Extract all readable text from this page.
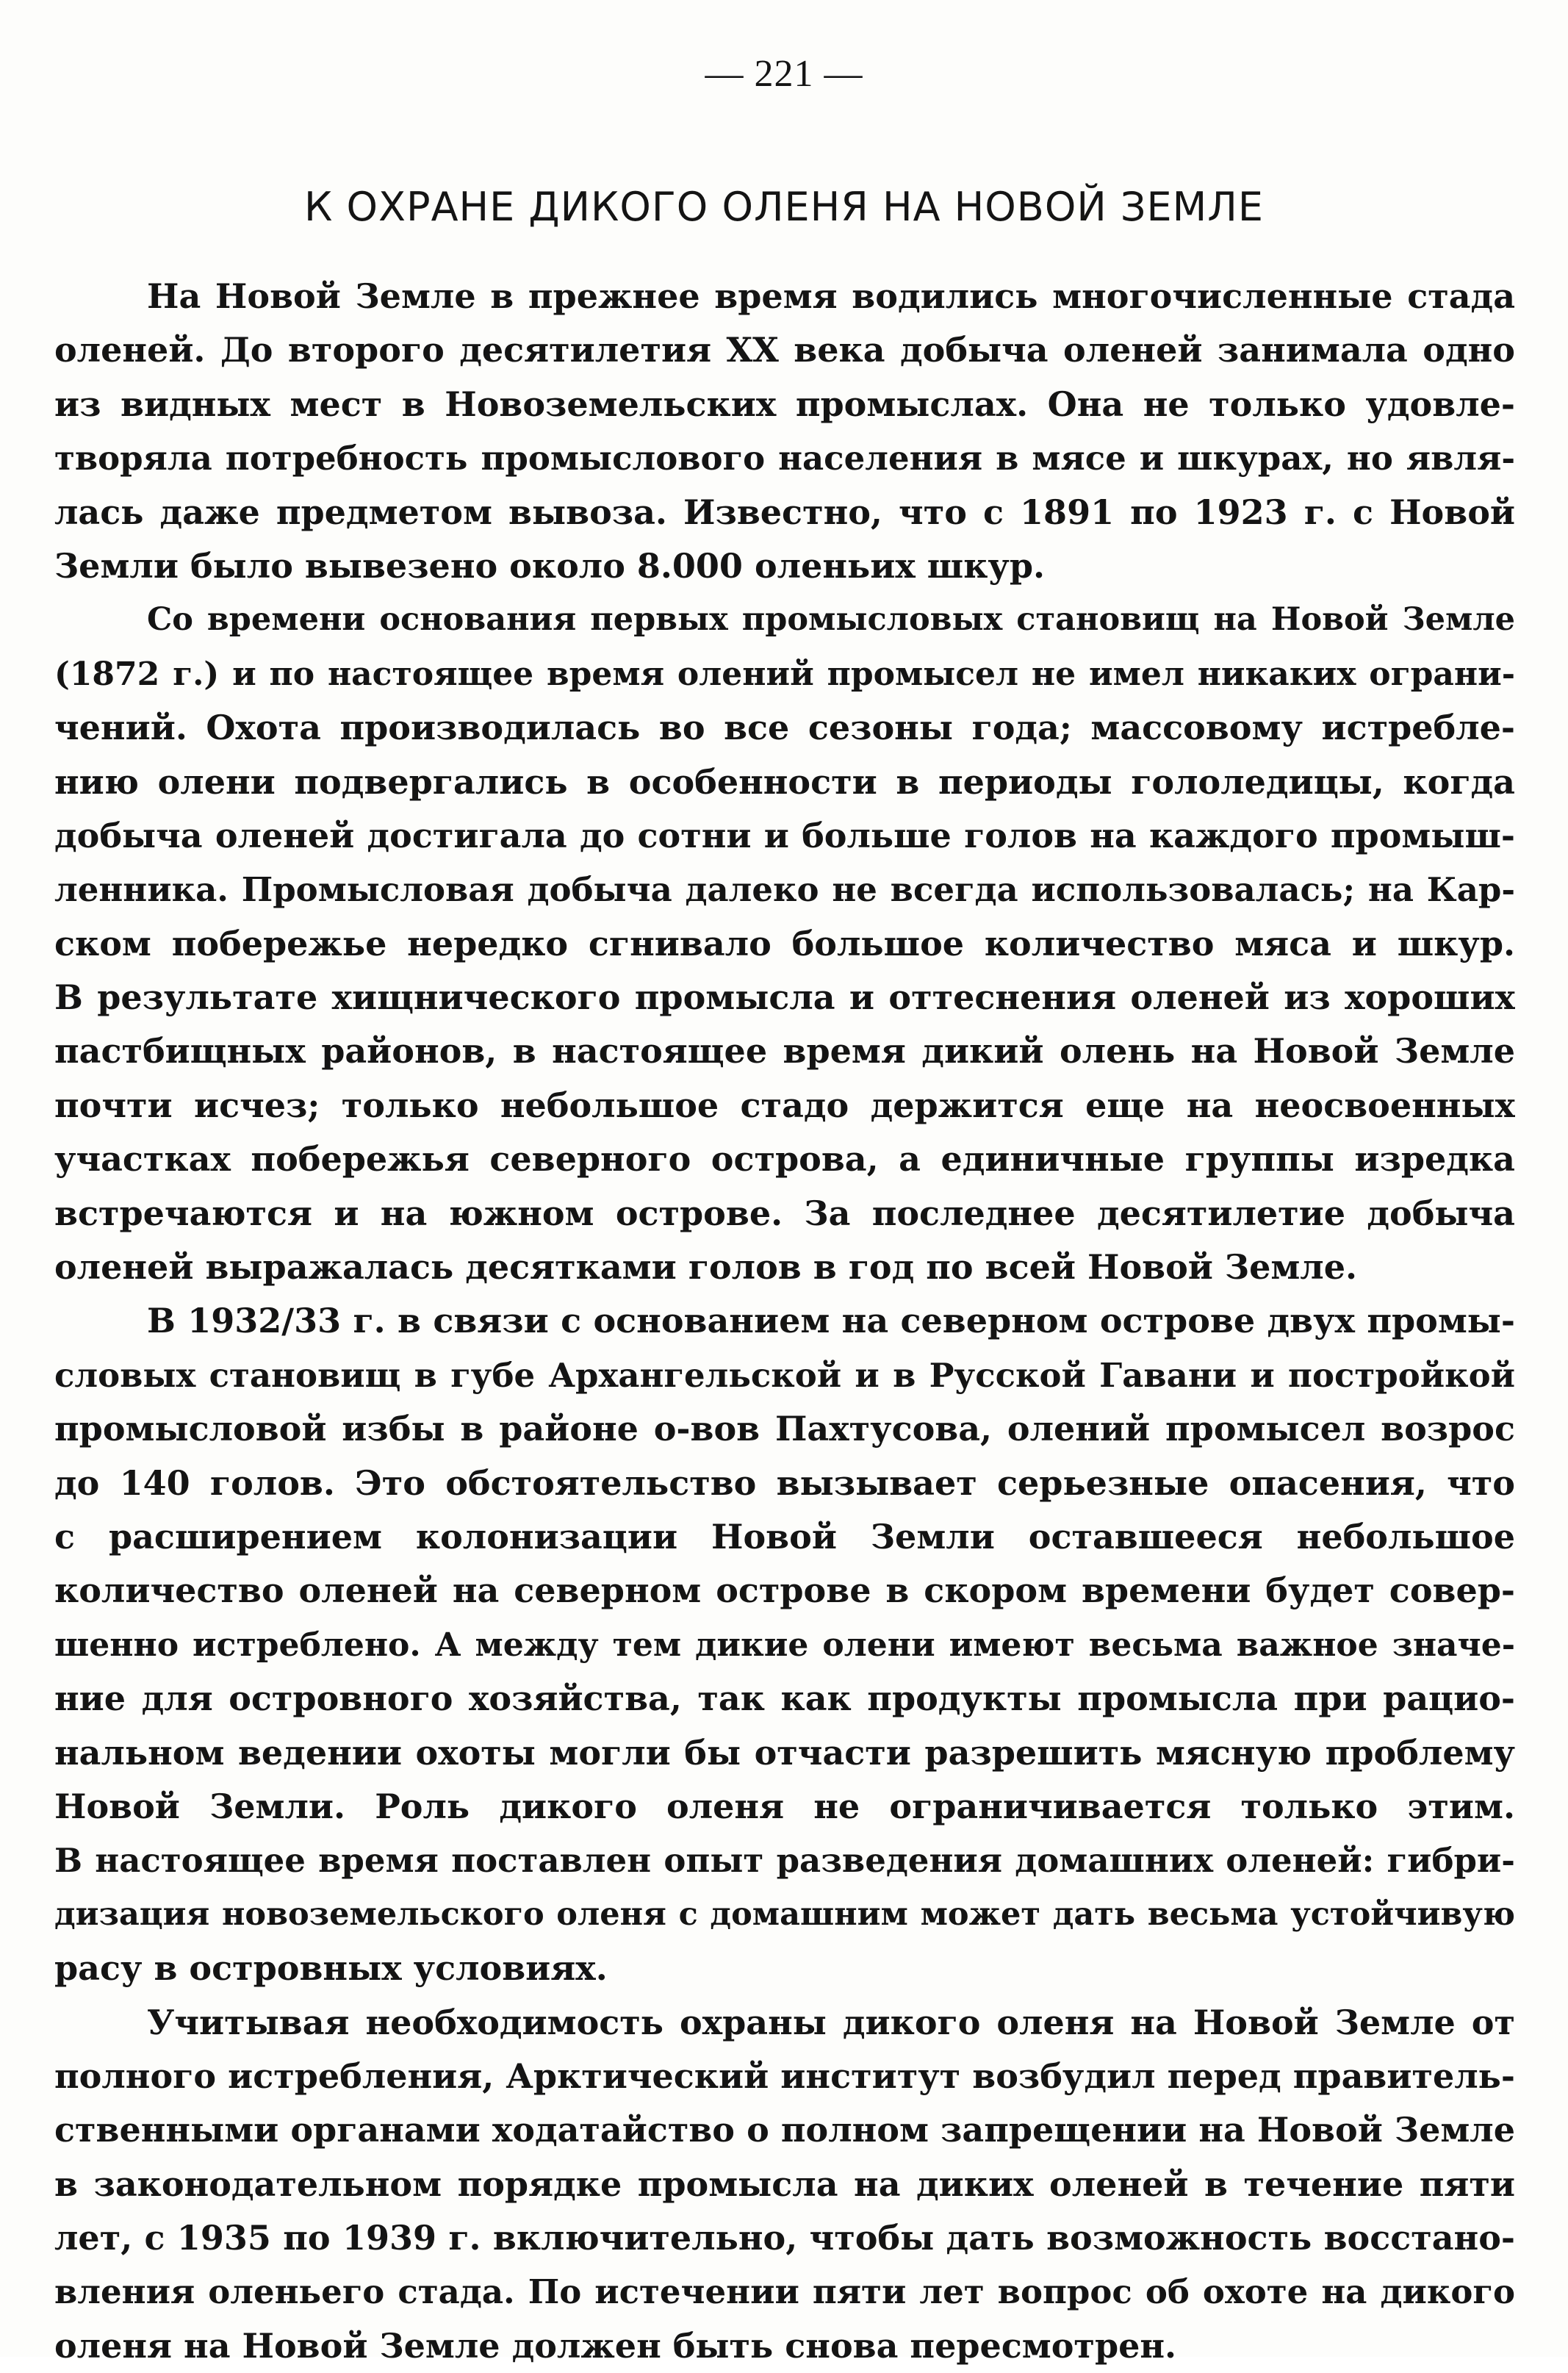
— 221 —
К ОХРАНЕ ДИКОГО ОЛЕНЯ НА НОВОЙ ЗЕМЛЕ

На Новой Земле в прежнее время водились многочисленные стада
оленей. До второго десятилетия XX века добыча оленей занимала одно
из видных мест в Новоземельских промыслах. Она не только удовле-
творяла потребность промыслового населения в мясе и шкурах, но явля-
лась даже предметом вывоза. Известно, что с 1891 по 1923 г. с Новой
Земли было вывезено около 8.000 оленьих шкур.

Со времени основания первых промысловых становищ на Новой Земле
(1872 г.) и по настоящее время олений промысел не имел никаких ограни-
чений. Охота производилась во все сезоны года; массовому истребле-
нию олени подвергались в особенности в периоды гололедицы, когда
добыча оленей достигала до сотни и больше голов на каждого промыш-
ленника. Промысловая добыча далеко не всегда использовалась; на Кар-
ском побережье нередко сгнивало большое количество мяса и шкур.
В результате хищнического промысла и оттеснения оленей из хороших
пастбищных районов, в настоящее время дикий олень на Новой Земле
почти исчез; только небольшое стадо держится еще на неосвоенных
участках побережья северного острова, а единичные группы изредка
встречаются и на южном острове. За последнее десятилетие добыча
оленей выражалась десятками голов в год по всей Новой Земле.

В 1932/33 г. в связи с основанием на северном острове двух промы-
словых становищ в губе Архангельской и в Русской Гавани и постройкой
промысловой избы в районе о-вов Пахтусова, олений промысел возрос
до 140 голов. Это обстоятельство вызывает серьезные опасения, что
с расширением колонизации Новой Земли оставшееся небольшое
количество оленей на северном острове в скором времени будет совер-
шенно истреблено. А между тем дикие олени имеют весьма важное значе-
ние для островного хозяйства, так как продукты промысла при рацио-
нальном ведении охоты могли бы отчасти разрешить мясную проблему
Новой Земли. Роль дикого оленя не ограничивается только этим.
В настоящее время поставлен опыт разведения домашних оленей: гибри-
дизация новоземельского оленя с домашним может дать весьма устойчивую
расу в островных условиях.

Учитывая необходимость охраны дикого оленя на Новой Земле от
полного истребления, Арктический институт возбудил перед правитель-
ственными органами ходатайство о полном запрещении на Новой Земле
в законодательном порядке промысла на диких оленей в течение пяти
лет, с 1935 по 1939 г. включительно, чтобы дать возможность восстано-
вления оленьего стада. По истечении пяти лет вопрос об охоте на дикого
оленя на Новой Земле должен быть снова пересмотрен.
